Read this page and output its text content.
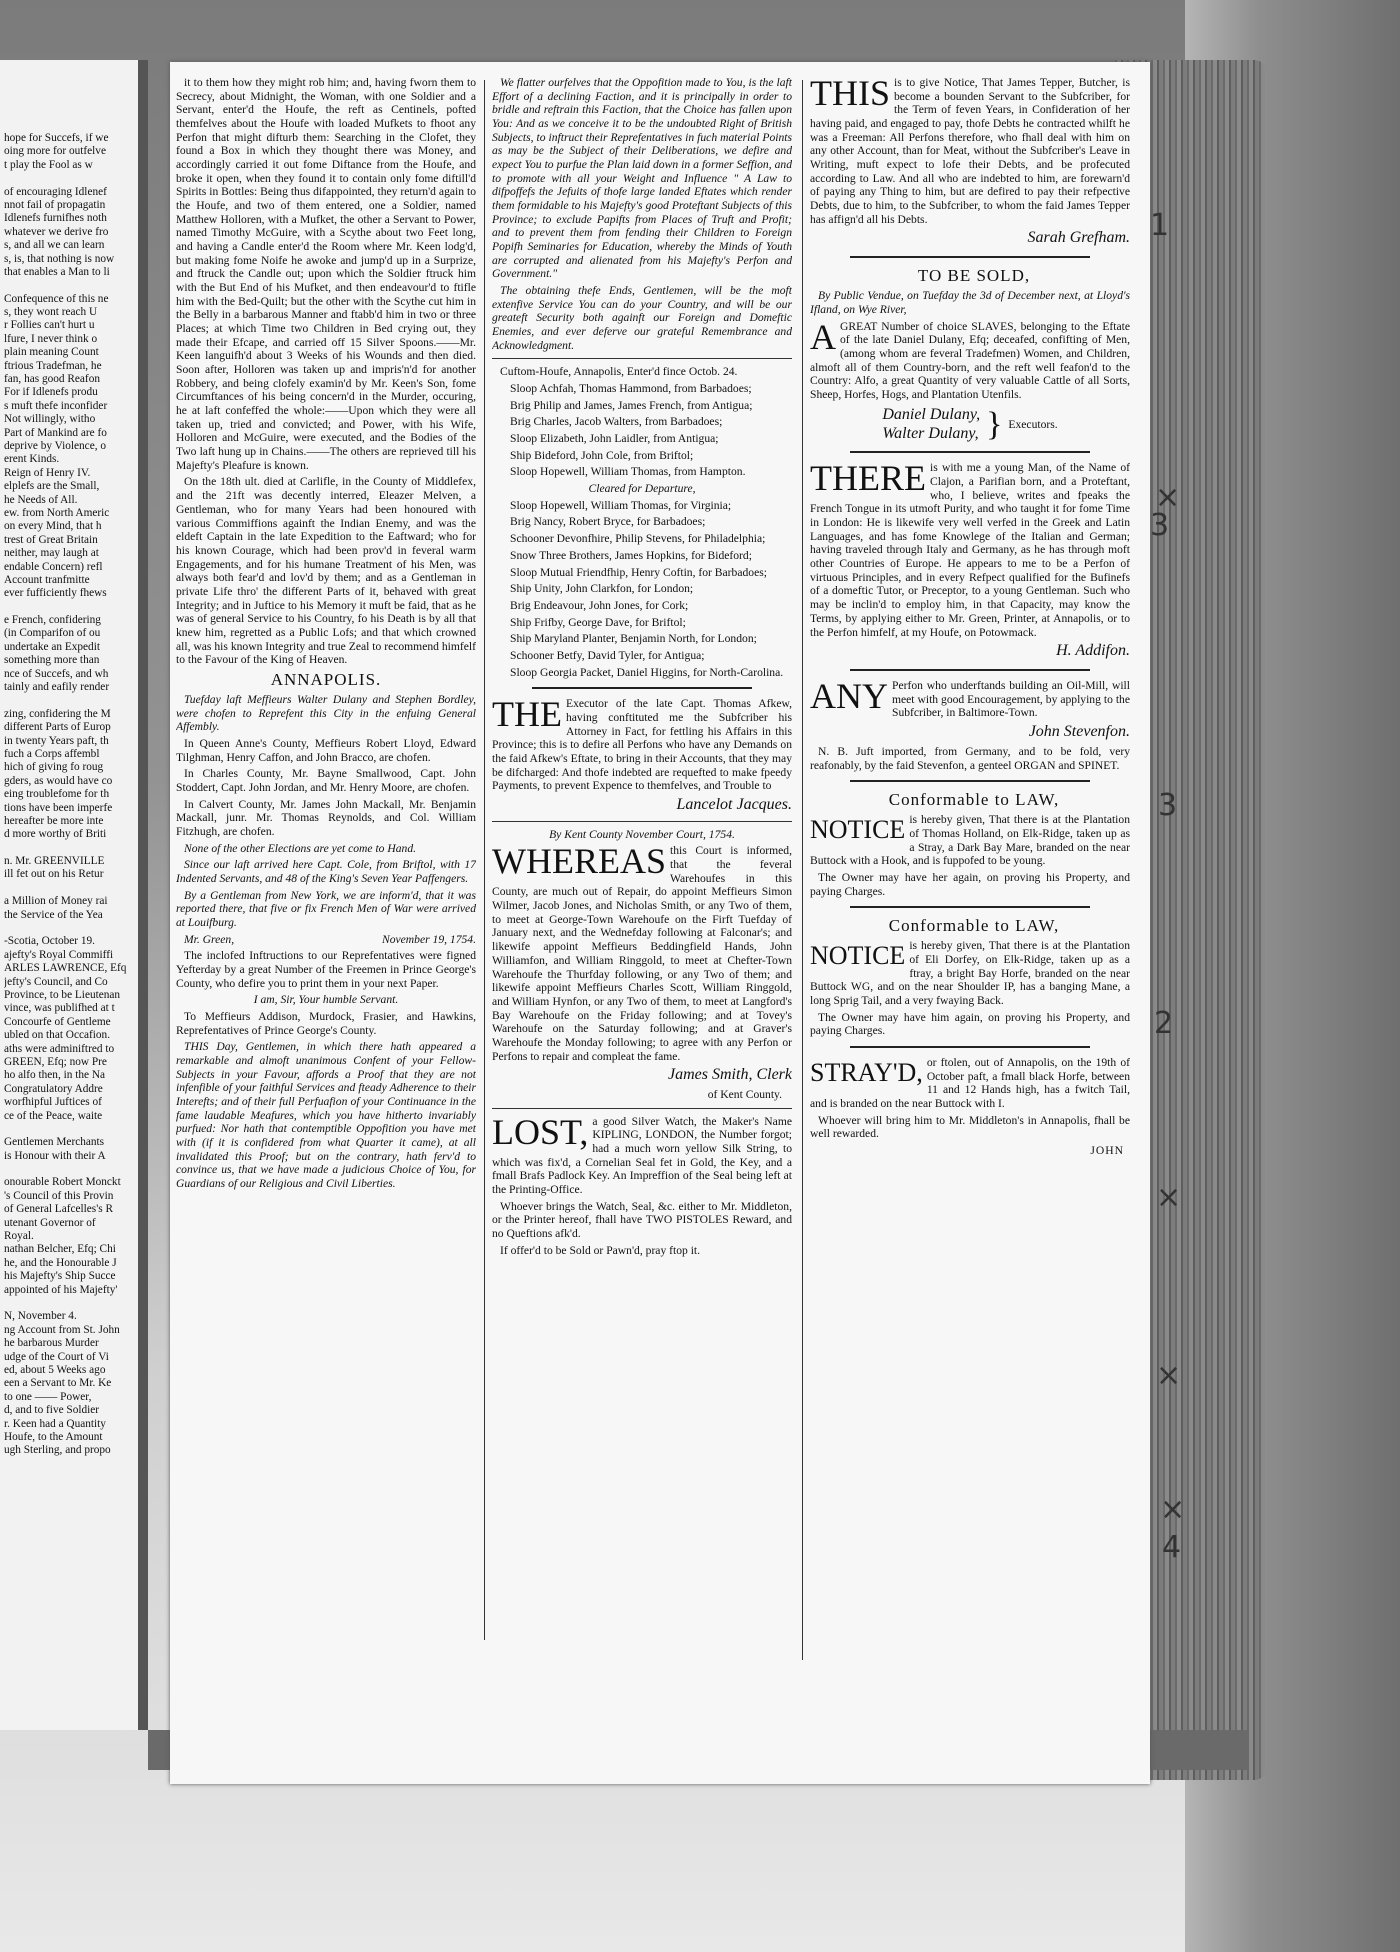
hope for Succefs, if we
oing more for outfelve
t play the Fool as w
of encouraging Idlenef
nnot fail of propagatin
Idlenefs furnifhes noth
whatever we derive fro
s, and all we can learn
s, is, that nothing is now
that enables a Man to li
Confequence of this ne
s, they wont reach U
r Follies can't hurt u
lfure, I never think o
plain meaning Count
ftrious Tradefman, he
fan, has good Reafon
For if Idlenefs produ
s muft thefe inconfider
Not willingly, witho
Part of Mankind are fo
deprive by Violence, o
erent Kinds.
Reign of Henry IV.
elplefs are the Small,
he Needs of All.
ew. from North Americ
on every Mind, that h
trest of Great Britain
neither, may laugh at
endable Concern) refl
Account tranfmitte
ever fufficiently fhews
e French, confidering
(in Comparifon of ou
undertake an Expedit
something more than
nce of Succefs, and wh
tainly and eafily render
zing, confidering the M
different Parts of Europ
in twenty Years paft, th
fuch a Corps affembl
hich of giving fo roug
gders, as would have co
eing troublefome for th
tions have been imperfe
hereafter be more inte
d more worthy of Briti
n. Mr. GREENVILLE
ill fet out on his Retur
a Million of Money rai
the Service of the Yea
-Scotia, October 19.
ajefty's Royal Commiffi
ARLES LAWRENCE, Efq
jefty's Council, and Co
Province, to be Lieutenan
vince, was publifhed at t
Concourfe of Gentleme
ubled on that Occafion.
aths were adminiftred to
GREEN, Efq; now Pre
ho alfo then, in the Na
Congratulatory Addre
worfhipful Juftices of
ce of the Peace, waite
Gentlemen Merchants
is Honour with their A
onourable Robert Monckt
's Council of this Provin
of General Lafcelles's R
utenant Governor of
Royal.
nathan Belcher, Efq; Chi
he, and the Honourable J
his Majefty's Ship Succe
appointed of his Majefty'
N, November 4.
ng Account from St. John
he barbarous Murder
udge of the Court of Vi
ed, about 5 Weeks ago
een a Servant to Mr. Ke
to one —— Power,
d, and to five Soldier
r. Keen had a Quantity
Houfe, to the Amount
ugh Sterling, and propo

it to them how they might rob him; and, having fworn them to Secrecy, about Midnight, the Woman, with one Soldier and a Servant, enter'd the Houfe, the reft as Centinels, pofted themfelves about the Houfe with loaded Mufkets to fhoot any Perfon that might difturb them: Searching in the Clofet, they found a Box in which they thought there was Money, and accordingly carried it out fome Diftance from the Houfe, and broke it open, when they found it to contain only fome diftill'd Spirits in Bottles: Being thus difappointed, they return'd again to the Houfe, and two of them entered, one a Soldier, named Matthew Holloren, with a Mufket, the other a Servant to Power, named Timothy McGuire, with a Scythe about two Feet long, and having a Candle enter'd the Room where Mr. Keen lodg'd, but making fome Noife he awoke and jump'd up in a Surprize, and ftruck the Candle out; upon which the Soldier ftruck him with the But End of his Mufket, and then endeavour'd to ftifle him with the Bed-Quilt; but the other with the Scythe cut him in the Belly in a barbarous Manner and ftabb'd him in two or three Places; at which Time two Children in Bed crying out, they made their Efcape, and carried off 15 Silver Spoons.——Mr. Keen languifh'd about 3 Weeks of his Wounds and then died. Soon after, Holloren was taken up and impris'n'd for another Robbery, and being clofely examin'd by Mr. Keen's Son, fome Circumftances of his being concern'd in the Murder, occuring, he at laft confeffed the whole:——Upon which they were all taken up, tried and convicted; and Power, with his Wife, Holloren and McGuire, were executed, and the Bodies of the Two laft hung up in Chains.——The others are reprieved till his Majefty's Pleafure is known.

On the 18th ult. died at Carlifle, in the County of Middlefex, and the 21ft was decently interred, Eleazer Melven, a Gentleman, who for many Years had been honoured with various Commiffions againft the Indian Enemy, and was the eldeft Captain in the late Expedition to the Eaftward; who for his known Courage, which had been prov'd in feveral warm Engagements, and for his humane Treatment of his Men, was always both fear'd and lov'd by them; and as a Gentleman in private Life thro' the different Parts of it, behaved with great Integrity; and in Juftice to his Memory it muft be faid, that as he was of general Service to his Country, fo his Death is by all that knew him, regretted as a Public Lofs; and that which crowned all, was his known Integrity and true Zeal to recommend himfelf to the Favour of the King of Heaven.

ANNAPOLIS.

Tuefday laft Meffieurs Walter Dulany and Stephen Bordley, were chofen to Reprefent this City in the enfuing General Affembly.

In Queen Anne's County, Meffieurs Robert Lloyd, Edward Tilghman, Henry Caffon, and John Bracco, are chofen.

In Charles County, Mr. Bayne Smallwood, Capt. John Stoddert, Capt. John Jordan, and Mr. Henry Moore, are chofen.

In Calvert County, Mr. James John Mackall, Mr. Benjamin Mackall, junr. Mr. Thomas Reynolds, and Col. William Fitzhugh, are chofen.

None of the other Elections are yet come to Hand.

Since our laft arrived here Capt. Cole, from Briftol, with 17 Indented Servants, and 48 of the King's Seven Year Paffengers.

By a Gentleman from New York, we are inform'd, that it was reported there, that five or fix French Men of War were arrived at Louifburg.

Mr. Green,	November 19, 1754.

The inclofed Inftructions to our Reprefentatives were figned Yefterday by a great Number of the Freemen in Prince George's County, who defire you to print them in your next Paper.

I am, Sir, Your humble Servant.

To Meffieurs Addison, Murdock, Frasier, and Hawkins, Reprefentatives of Prince George's County.

THIS Day, Gentlemen, in which there hath appeared a remarkable and almoft unanimous Confent of your Fellow-Subjects in your Favour, affords a Proof that they are not infenfible of your faithful Services and fteady Adherence to their Interefts; and of their full Perfuafion of your Continuance in the fame laudable Meafures, which you have hitherto invariably purfued: Nor hath that contemptible Oppofition you have met with (if it is confidered from what Quarter it came), at all invalidated this Proof; but on the contrary, hath ferv'd to convince us, that we have made a judicious Choice of You, for Guardians of our Religious and Civil Liberties.

We flatter ourfelves that the Oppofition made to You, is the laft Effort of a declining Faction, and it is principally in order to bridle and reftrain this Faction, that the Choice has fallen upon You: And as we conceive it to be the undoubted Right of British Subjects, to inftruct their Reprefentatives in fuch material Points as may be the Subject of their Deliberations, we defire and expect You to purfue the Plan laid down in a former Seffion, and to promote with all your Weight and Influence " A Law to difpoffefs the Jefuits of thofe large landed Eftates which render them formidable to his Majefty's good Proteftant Subjects of this Province; to exclude Papifts from Places of Truft and Profit; and to prevent them from fending their Children to Foreign Popifh Seminaries for Education, whereby the Minds of Youth are corrupted and alienated from his Majefty's Perfon and Government."

The obtaining thefe Ends, Gentlemen, will be the moft extenfive Service You can do your Country, and will be our greateft Security both againft our Foreign and Domeftic Enemies, and ever deferve our grateful Remembrance and Acknowledgment.

Cuftom-Houfe, Annapolis, Enter'd fince Octob. 24.

Sloop Achfah, Thomas Hammond, from Barbadoes;

Brig Philip and James, James French, from Antigua;

Brig Charles, Jacob Walters, from Barbadoes;

Sloop Elizabeth, John Laidler, from Antigua;

Ship Bideford, John Cole, from Briftol;

Sloop Hopewell, William Thomas, from Hampton.

Cleared for Departure,

Sloop Hopewell, William Thomas, for Virginia;

Brig Nancy, Robert Bryce, for Barbadoes;

Schooner Devonfhire, Philip Stevens, for Philadelphia;

Snow Three Brothers, James Hopkins, for Bideford;

Sloop Mutual Friendfhip, Henry Coftin, for Barbadoes;

Ship Unity, John Clarkfon, for London;

Brig Endeavour, John Jones, for Cork;

Ship Frifby, George Dave, for Briftol;

Ship Maryland Planter, Benjamin North, for London;

Schooner Betfy, David Tyler, for Antigua;

Sloop Georgia Packet, Daniel Higgins, for North-Carolina.

THE Executor of the late Capt. Thomas Afkew, having conftituted me the Subfcriber his Attorney in Fact, for fettling his Affairs in this Province; this is to defire all Perfons who have any Demands on the faid Afkew's Eftate, to bring in their Accounts, that they may be difcharged: And thofe indebted are requefted to make fpeedy Payments, to prevent Expence to themfelves, and Trouble to

Lancelot Jacques.

By Kent County November Court, 1754.

WHEREAS this Court is informed, that the feveral Warehoufes in this County, are much out of Repair, do appoint Meffieurs Simon Wilmer, Jacob Jones, and Nicholas Smith, or any Two of them, to meet at George-Town Warehoufe on the Firft Tuefday of January next, and the Wednefday following at Falconar's; and likewife appoint Meffieurs Beddingfield Hands, John Williamfon, and William Ringgold, to meet at Chefter-Town Warehoufe the Thurfday following, or any Two of them; and likewife appoint Meffieurs Charles Scott, William Ringgold, and William Hynfon, or any Two of them, to meet at Langford's Bay Warehoufe on the Friday following; and at Tovey's Warehoufe on the Saturday following; and at Graver's Warehoufe the Monday following; to agree with any Perfon or Perfons to repair and compleat the fame.

James Smith, Clerk

of Kent County.

LOST, a good Silver Watch, the Maker's Name KIPLING, LONDON, the Number forgot; had a much worn yellow Silk String, to which was fix'd, a Cornelian Seal fet in Gold, the Key, and a fmall Brafs Padlock Key. An Impreffion of the Seal being left at the Printing-Office.

Whoever brings the Watch, Seal, &c. either to Mr. Middleton, or the Printer hereof, fhall have TWO PISTOLES Reward, and no Queftions afk'd.

If offer'd to be Sold or Pawn'd, pray ftop it.

THIS is to give Notice, That James Tepper, Butcher, is become a bounden Servant to the Subfcriber, for the Term of feven Years, in Confideration of her having paid, and engaged to pay, thofe Debts he contracted whilft he was a Freeman: All Perfons therefore, who fhall deal with him on any other Account, than for Meat, without the Subfcriber's Leave in Writing, muft expect to lofe their Debts, and be profecuted according to Law. And all who are indebted to him, are forewarn'd of paying any Thing to him, but are defired to pay their refpective Debts, due to him, to the Subfcriber, to whom the faid James Tepper has affign'd all his Debts.

Sarah Grefham.

TO BE SOLD,

By Public Vendue, on Tuefday the 3d of December next, at Lloyd's Ifland, on Wye River,

A GREAT Number of choice SLAVES, belonging to the Eftate of the late Daniel Dulany, Efq; deceafed, confifting of Men, (among whom are feveral Tradefmen) Women, and Children, almoft all of them Country-born, and the reft well feafon'd to the Country: Alfo, a great Quantity of very valuable Cattle of all Sorts, Sheep, Horfes, Hogs, and Plantation Utenfils.

Daniel Dulany,
Walter Dulany, } Executors.

THERE is with me a young Man, of the Name of Clajon, a Parifian born, and a Proteftant, who, I believe, writes and fpeaks the French Tongue in its utmoft Purity, and who taught it for fome Time in London: He is likewife very well verfed in the Greek and Latin Languages, and has fome Knowlege of the Italian and German; having traveled through Italy and Germany, as he has through moft other Countries of Europe. He appears to me to be a Perfon of virtuous Principles, and in every Refpect qualified for the Bufinefs of a domeftic Tutor, or Preceptor, to a young Gentleman. Such who may be inclin'd to employ him, in that Capacity, may know the Terms, by applying either to Mr. Green, Printer, at Annapolis, or to the Perfon himfelf, at my Houfe, on Potowmack.

H. Addifon.

ANY Perfon who underftands building an Oil-Mill, will meet with good Encouragement, by applying to the Subfcriber, in Baltimore-Town.

John Stevenfon.

N. B. Juft imported, from Germany, and to be fold, very reafonably, by the faid Stevenfon, a genteel ORGAN and SPINET.

Conformable to LAW,

NOTICE is hereby given, That there is at the Plantation of Thomas Holland, on Elk-Ridge, taken up as a Stray, a Dark Bay Mare, branded on the near Buttock with a Hook, and is fuppofed to be young.

The Owner may have her again, on proving his Property, and paying Charges.

Conformable to LAW,

NOTICE is hereby given, That there is at the Plantation of Eli Dorfey, on Elk-Ridge, taken up as a ftray, a bright Bay Horfe, branded on the near Buttock WG, and on the near Shoulder IP, has a banging Mane, a long Sprig Tail, and a very fwaying Back.

The Owner may have him again, on proving his Property, and paying Charges.

STRAY'D, or ftolen, out of Annapolis, on the 19th of October paft, a fmall black Horfe, between 11 and 12 Hands high, has a fwitch Tail, and is branded on the near Buttock with I.

Whoever will bring him to Mr. Middleton's in Annapolis, fhall be well rewarded.

JOHN

1
×
3
3
2
×
×
×
4
